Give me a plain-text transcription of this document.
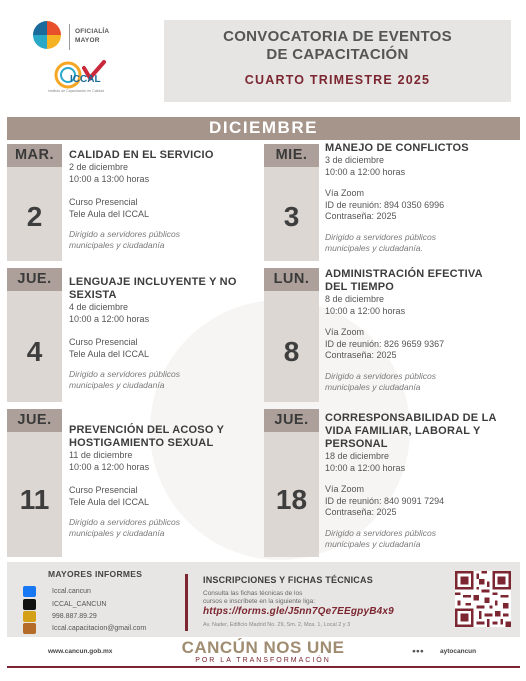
OFICIALÍA
MAYOR
ICCAL
Instituto de Capacitación en Calidad
CONVOCATORIA DE EVENTOS
DE CAPACITACIÓN
CUARTO TRIMESTRE 2025
DICIEMBRE
MAR.
2
CALIDAD EN EL SERVICIO
2 de diciembre
10:00 a 13:00 horas
Curso Presencial
Tele Aula del ICCAL
Dirigido a servidores públicos
municipales y ciudadanía
MIE.
3
MANEJO DE CONFLICTOS
3 de diciembre
10:00 a 12:00 horas
Vía Zoom
ID de reunión: 894 0350 6996
Contraseña: 2025
Dirigido a servidores públicos
municipales y ciudadanía.
JUE.
4
LENGUAJE INCLUYENTE Y NO
SEXISTA
4 de diciembre
10:00 a 12:00 horas
Curso Presencial
Tele Aula del ICCAL
Dirigido a servidores públicos
municipales y ciudadanía
LUN.
8
ADMINISTRACIÓN EFECTIVA
DEL TIEMPO
8 de diciembre
10:00 a 12:00 horas
Vía Zoom
ID de reunión: 826 9659 9367
Contraseña: 2025
Dirigido a servidores públicos
municipales y ciudadanía
JUE.
11
PREVENCIÓN DEL ACOSO Y
HOSTIGAMIENTO SEXUAL
11 de diciembre
10:00 a 12:00 horas
Curso Presencial
Tele Aula del ICCAL
Dirigido a servidores públicos
municipales y ciudadanía
JUE.
18
CORRESPONSABILIDAD DE LA
VIDA FAMILIAR, LABORAL Y
PERSONAL
18 de diciembre
10:00 a 12:00 horas
Vía Zoom
ID de reunión: 840 9091 7294
Contraseña: 2025
Dirigido a servidores públicos
municipales y ciudadanía
MAYORES INFORMES
Iccal.cancun
ICCAL_CANCUN
998.887.89.29
Iccal.capacitacion@gmail.com
INSCRIPCIONES Y FICHAS TÉCNICAS
Consulta las fichas técnicas de los
cursos e inscríbete en la siguiente liga:
https://forms.gle/J5nn7Qe7EEgpyB4x9
Av. Nader, Edificio Madrid No. 29, Sm. 2, Mza. 1, Local 2 y 3
www.cancun.gob.mx	CANCÚN NOS UNE
POR LA TRANSFORMACIÓN
●●● aytocancun
